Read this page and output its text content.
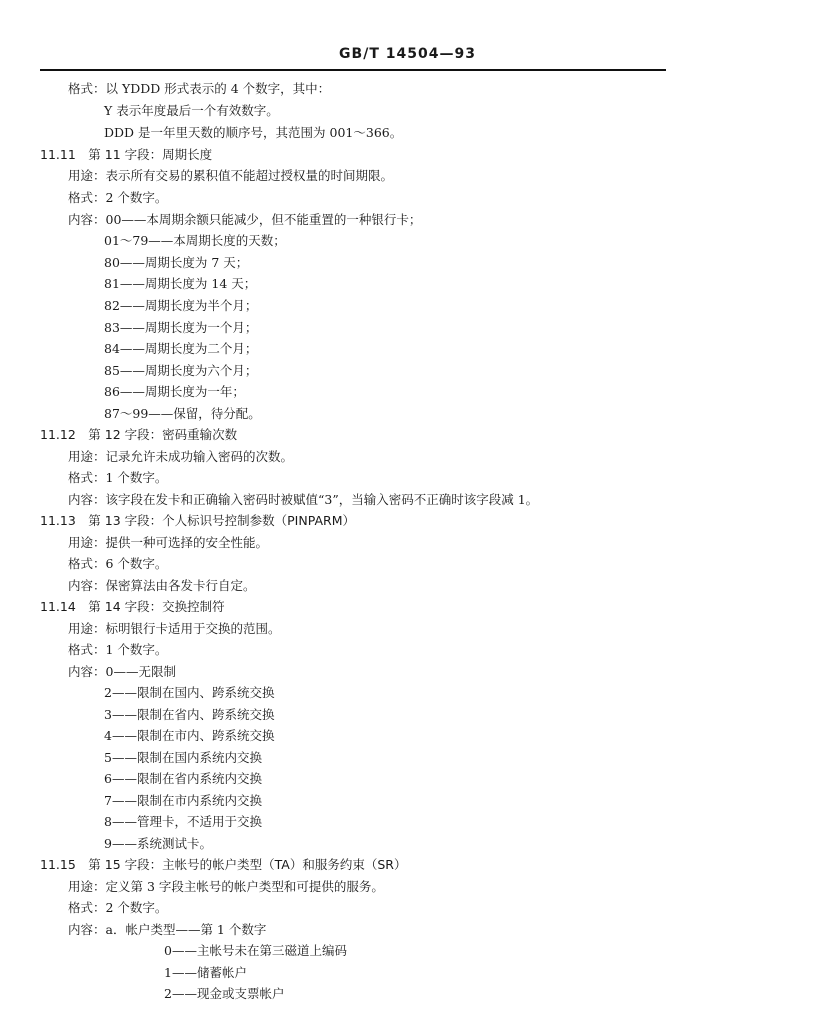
GB/T 14504—93
格式：以 YDDD 形式表示的 4 个数字，其中：
Y 表示年度最后一个有效数字。
DDD 是一年里天数的顺序号，其范围为 001～366。
11.11　第 11 字段：周期长度
用途：表示所有交易的累积值不能超过授权量的时间期限。
格式：2 个数字。
内容：00——本周期余额只能减少，但不能重置的一种银行卡；
01～79——本周期长度的天数；
80——周期长度为 7 天；
81——周期长度为 14 天；
82——周期长度为半个月；
83——周期长度为一个月；
84——周期长度为二个月；
85——周期长度为六个月；
86——周期长度为一年；
87～99——保留，待分配。
11.12　第 12 字段：密码重输次数
用途：记录允许未成功输入密码的次数。
格式：1 个数字。
内容：该字段在发卡和正确输入密码时被赋值“3”，当输入密码不正确时该字段减 1。
11.13　第 13 字段：个人标识号控制参数（PINPARM）
用途：提供一种可选择的安全性能。
格式：6 个数字。
内容：保密算法由各发卡行自定。
11.14　第 14 字段：交换控制符
用途：标明银行卡适用于交换的范围。
格式：1 个数字。
内容：0——无限制
2——限制在国内、跨系统交换
3——限制在省内、跨系统交换
4——限制在市内、跨系统交换
5——限制在国内系统内交换
6——限制在省内系统内交换
7——限制在市内系统内交换
8——管理卡，不适用于交换
9——系统测试卡。
11.15　第 15 字段：主帐号的帐户类型（TA）和服务约束（SR）
用途：定义第 3 字段主帐号的帐户类型和可提供的服务。
格式：2 个数字。
内容：a．帐户类型——第 1 个数字
0——主帐号未在第三磁道上编码
1——储蓄帐户
2——现金或支票帐户
